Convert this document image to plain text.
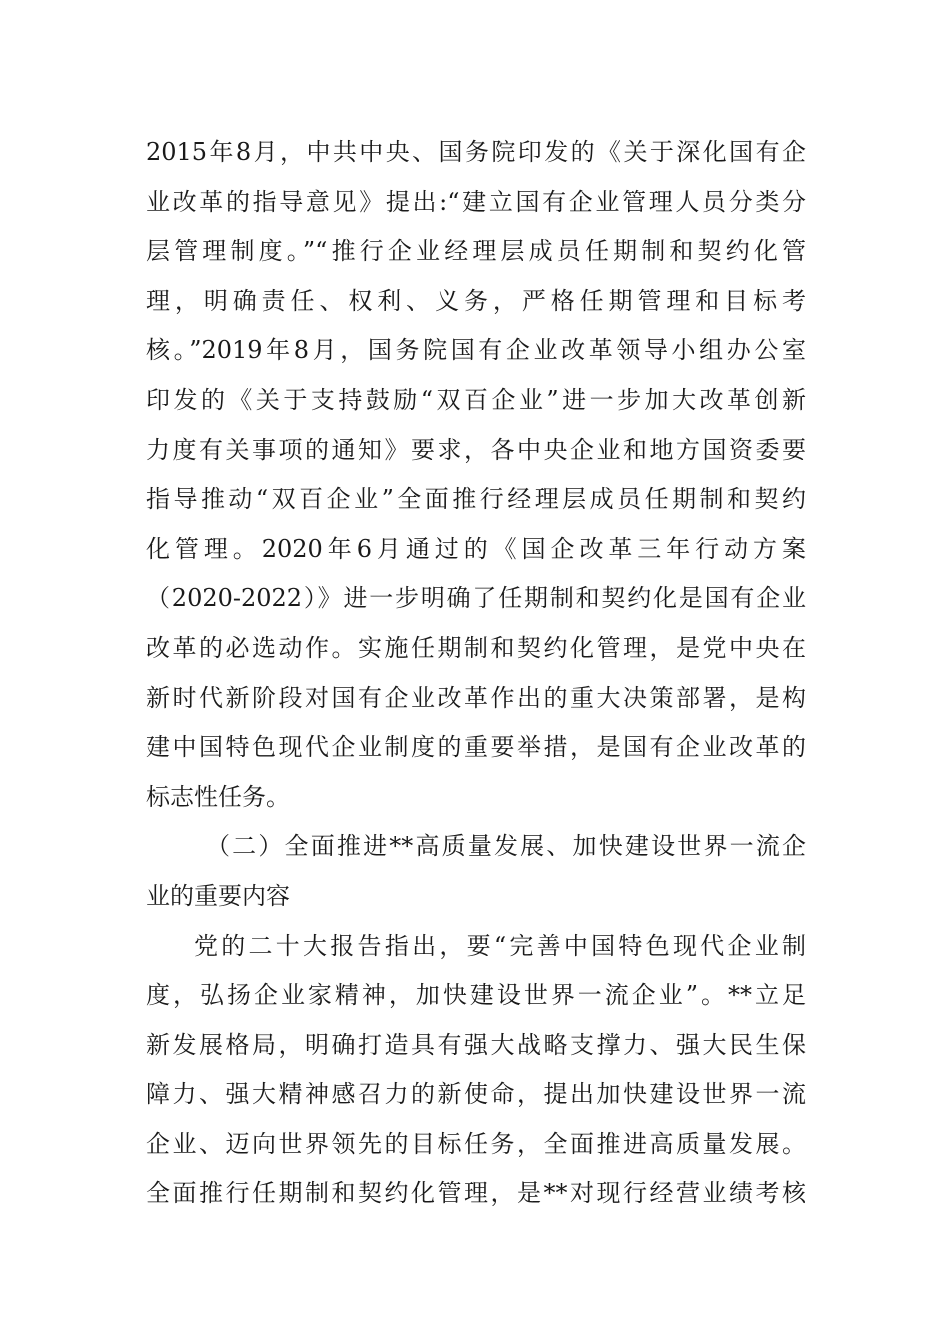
2015年8月，中共中央、国务院印发的《关于深化国有企
业改革的指导意见》提出:“建立国有企业管理人员分类分
层管理制度。”“推行企业经理层成员任期制和契约化管
理，明确责任、权利、义务，严格任期管理和目标考
核。”2019年8月，国务院国有企业改革领导小组办公室
印发的《关于支持鼓励“双百企业”进一步加大改革创新
力度有关事项的通知》要求，各中央企业和地方国资委要
指导推动“双百企业”全面推行经理层成员任期制和契约
化管理。2020年6月通过的《国企改革三年行动方案
（2020-2022）》进一步明确了任期制和契约化是国有企业
改革的必选动作。实施任期制和契约化管理，是党中央在
新时代新阶段对国有企业改革作出的重大决策部署，是构
建中国特色现代企业制度的重要举措，是国有企业改革的
标志性任务。
（二）全面推进**高质量发展、加快建设世界一流企
业的重要内容
党的二十大报告指出，要“完善中国特色现代企业制
度，弘扬企业家精神，加快建设世界一流企业”。**立足
新发展格局，明确打造具有强大战略支撑力、强大民生保
障力、强大精神感召力的新使命，提出加快建设世界一流
企业、迈向世界领先的目标任务，全面推进高质量发展。
全面推行任期制和契约化管理，是**对现行经营业绩考核
